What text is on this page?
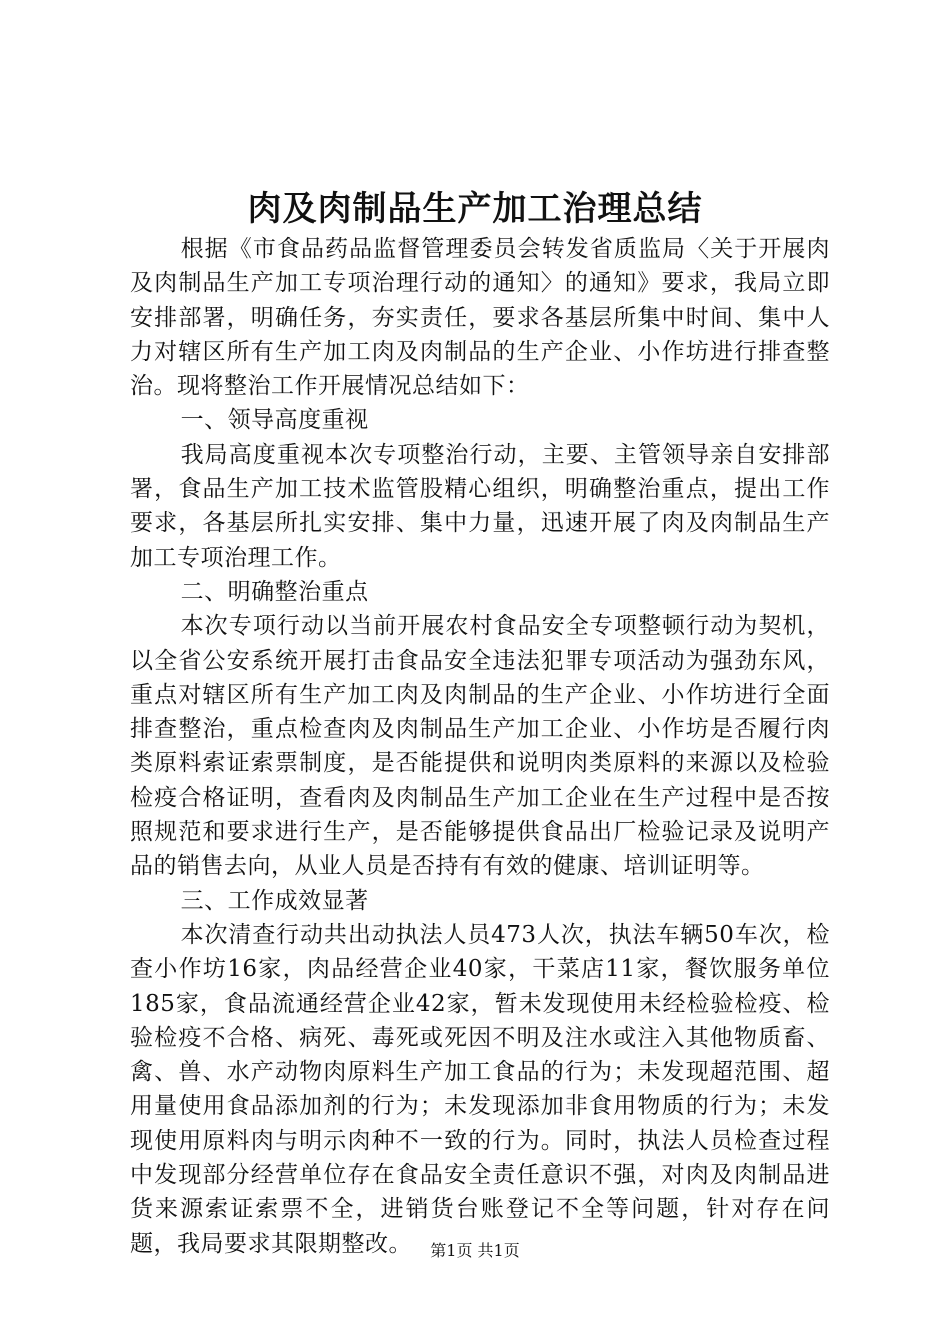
肉及肉制品生产加工治理总结

根据《市食品药品监督管理委员会转发省质监局〈关于开展肉及肉制品生产加工专项治理行动的通知〉的通知》要求，我局立即安排部署，明确任务，夯实责任，要求各基层所集中时间、集中人力对辖区所有生产加工肉及肉制品的生产企业、小作坊进行排查整治。现将整治工作开展情况总结如下：

一、领导高度重视

我局高度重视本次专项整治行动，主要、主管领导亲自安排部署，食品生产加工技术监管股精心组织，明确整治重点，提出工作要求，各基层所扎实安排、集中力量，迅速开展了肉及肉制品生产加工专项治理工作。

二、明确整治重点

本次专项行动以当前开展农村食品安全专项整顿行动为契机，以全省公安系统开展打击食品安全违法犯罪专项活动为强劲东风，重点对辖区所有生产加工肉及肉制品的生产企业、小作坊进行全面排查整治，重点检查肉及肉制品生产加工企业、小作坊是否履行肉类原料索证索票制度，是否能提供和说明肉类原料的来源以及检验检疫合格证明，查看肉及肉制品生产加工企业在生产过程中是否按照规范和要求进行生产，是否能够提供食品出厂检验记录及说明产品的销售去向，从业人员是否持有有效的健康、培训证明等。

三、工作成效显著

本次清查行动共出动执法人员473人次，执法车辆50车次，检查小作坊16家，肉品经营企业40家，干菜店11家，餐饮服务单位185家，食品流通经营企业42家，暂未发现使用未经检验检疫、检验检疫不合格、病死、毒死或死因不明及注水或注入其他物质畜、禽、兽、水产动物肉原料生产加工食品的行为；未发现超范围、超用量使用食品添加剂的行为；未发现添加非食用物质的行为；未发现使用原料肉与明示肉种不一致的行为。同时，执法人员检查过程中发现部分经营单位存在食品安全责任意识不强，对肉及肉制品进货来源索证索票不全，进销货台账登记不全等问题，针对存在问题，我局要求其限期整改。	第1页 共1页
